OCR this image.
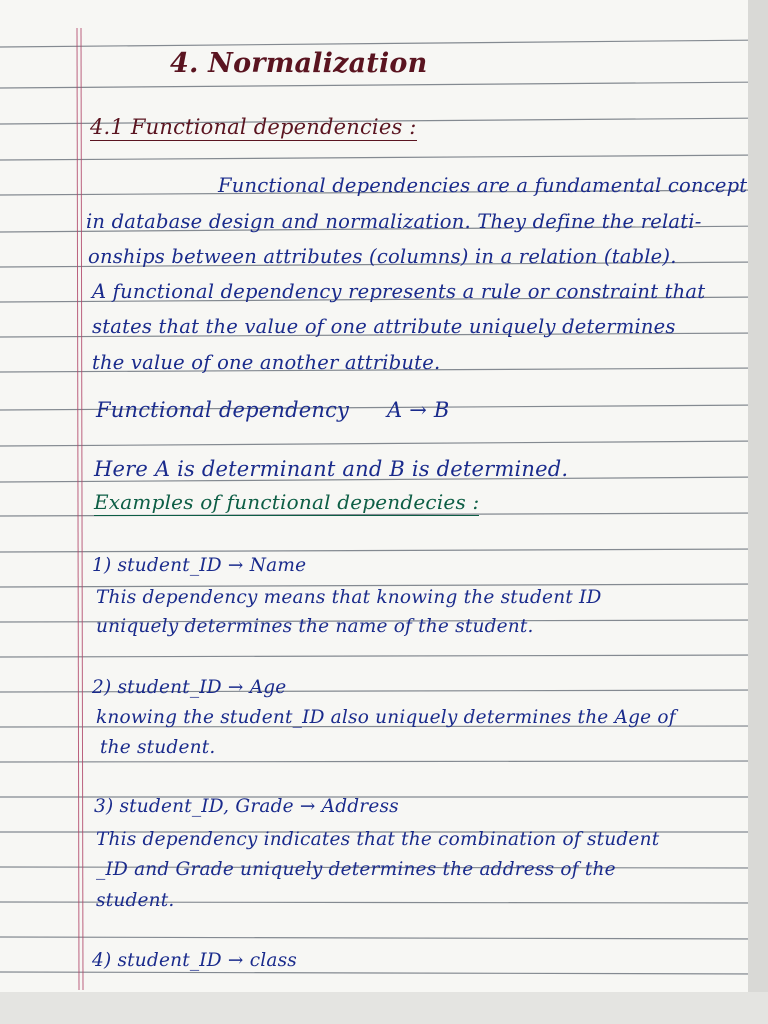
4. Normalization
4.1 Functional dependencies :
Functional dependencies are a fundamental concept
in database design and normalization. They define the relati-
onships between attributes (columns) in a relation (table).
A functional dependency represents a rule or constraint that
states that the value of one attribute uniquely determines
the value of one another attribute.
Functional dependency A → B
Here A is determinant and B is determined.
Examples of functional dependecies :
1) student_ID → Name
This dependency means that knowing the student ID
uniquely determines the name of the student.
2) student_ID → Age
knowing the student_ID also uniquely determines the Age of
the student.
3) student_ID, Grade → Address
This dependency indicates that the combination of student
_ID and Grade uniquely determines the address of the
student.
4) student_ID → class
